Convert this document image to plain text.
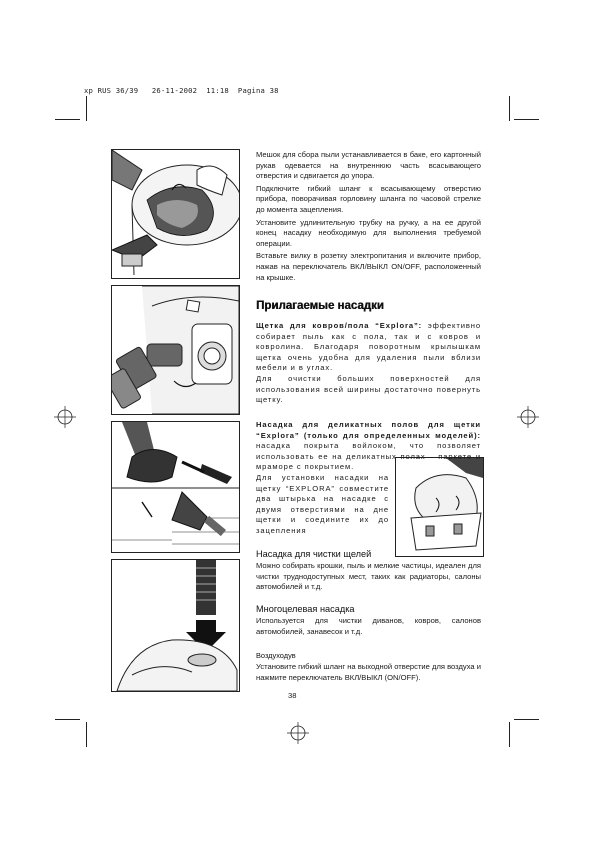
xp RUS 36/39   26-11-2002  11:18  Pagina 38

Мешок для сбора пыли устанавливается в баке, его картонный рукав одевается на внутреннюю часть всасывающего отверстия и сдвигается до упора.

Подключите гибкий шланг к всасывающему отверстию прибора, поворачивая горловину шланга по часовой стрелке до момента зацепления.

Установите удлинительную трубку на ручку, а на ее другой конец насадку необходимую для выполнения требуемой операции.

Вставьте вилку в розетку электропитания и включите прибор, нажав на переключатель ВКЛ/ВЫКЛ ON/OFF, расположенный на крышке.

Прилагаемые насадки

Щетка для ковров/пола “Explora”: эффективно собирает пыль как с пола, так и с ковров и ковролина. Благодаря поворотным крылышкам щетка очень удобна для удаления пыли вблизи мебели и в углах.

Для очистки больших поверхностей для использования всей ширины достаточно повернуть щетку.

Насадка для деликатных полов для щетки “Explora” (только для определенных моделей): насадка покрыта войлоком, что позволяет использовать ее на деликатных полах – паркете и мраморе с покрытием.

Для установки насадки на щетку “EXPLORA” совместите два штырька на насадке с двумя отверстиями на дне щетки и соедините их до зацепления

Насадка для чистки щелей

Можно собирать крошки, пыль и мелкие частицы, идеален для чистки труднодоступных мест, таких как радиаторы, салоны автомобилей и т.д.

Многоцелевая насадка

Используется для чистки диванов, ковров, салонов автомобилей, занавесок и т.д.

Воздуходув

Установите гибкий шланг на выходной отверстие для воздуха и нажмите переключатель ВКЛ/ВЫКЛ (ON/OFF).

38
